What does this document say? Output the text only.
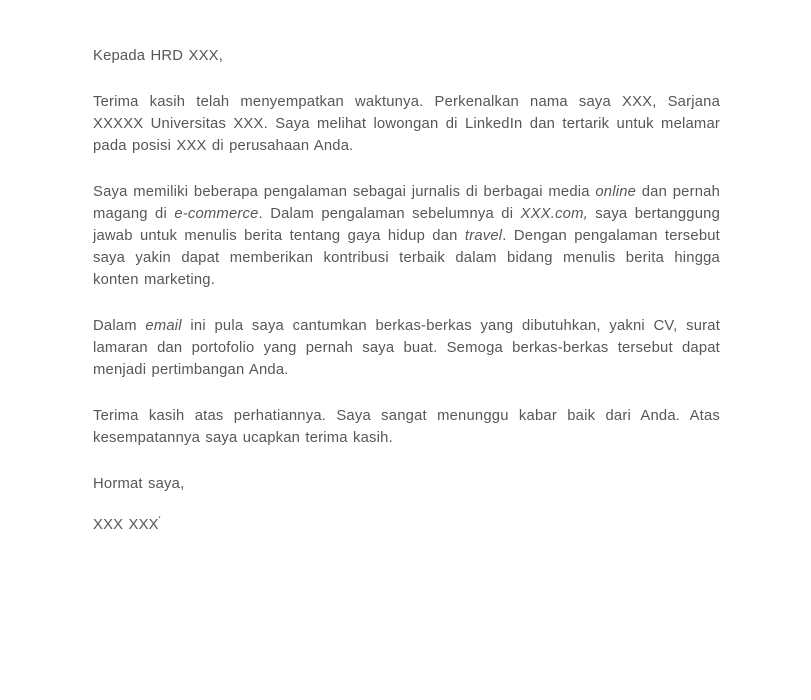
Kepada HRD XXX,

Terima kasih telah menyempatkan waktunya. Perkenalkan nama saya XXX, Sarjana XXXXX Universitas XXX. Saya melihat lowongan di LinkedIn dan tertarik untuk melamar pada posisi XXX di perusahaan Anda.

Saya memiliki beberapa pengalaman sebagai jurnalis di berbagai media online dan pernah magang di e-commerce. Dalam pengalaman sebelumnya di XXX.com, saya bertanggung jawab untuk menulis berita tentang gaya hidup dan travel. Dengan pengalaman tersebut saya yakin dapat memberikan kontribusi terbaik dalam bidang menulis berita hingga konten marketing.

Dalam email ini pula saya cantumkan berkas-berkas yang dibutuhkan, yakni CV, surat lamaran dan portofolio yang pernah saya buat. Semoga berkas-berkas tersebut dapat menjadi pertimbangan Anda.

Terima kasih atas perhatiannya. Saya sangat menunggu kabar baik dari Anda. Atas kesempatannya saya ucapkan terima kasih.

Hormat saya,

XXX XXX'
